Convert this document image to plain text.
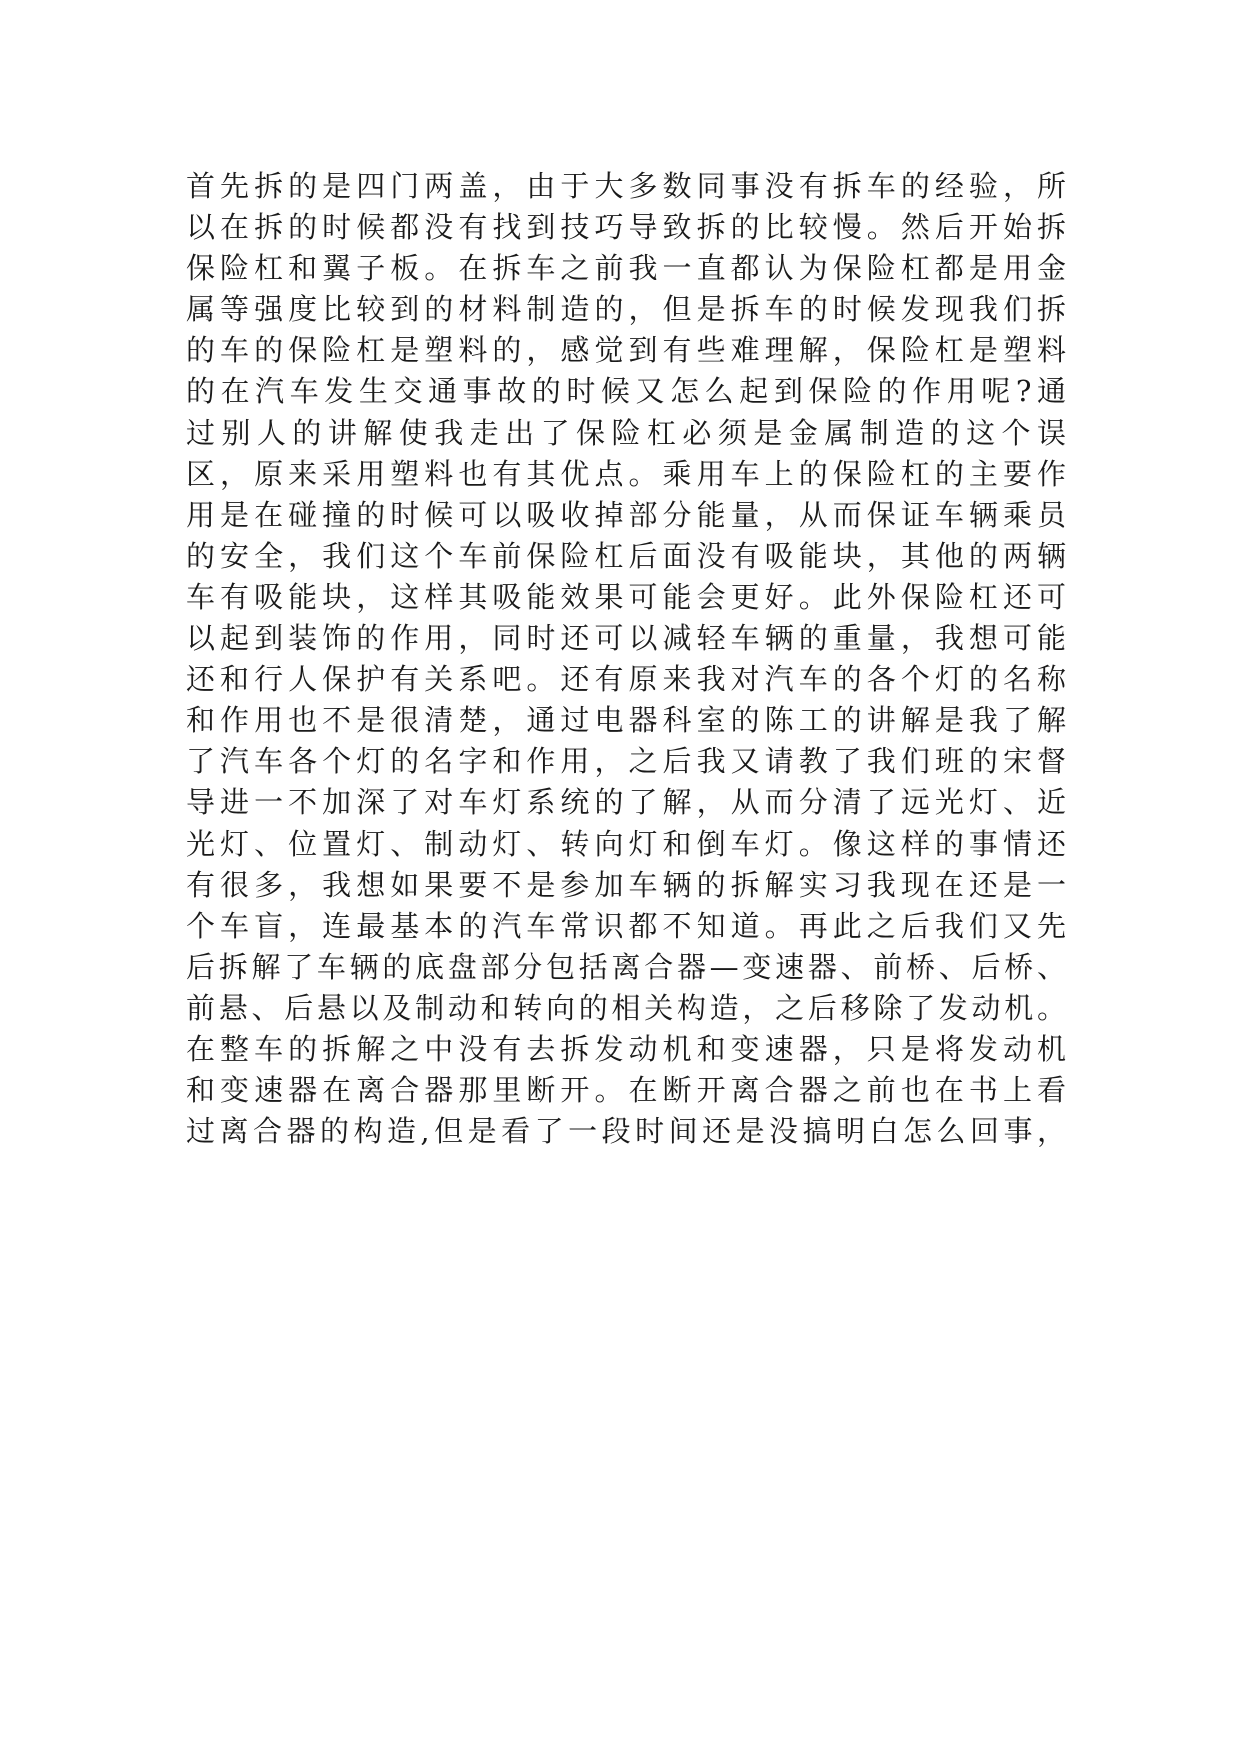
首先拆的是四门两盖，由于大多数同事没有拆车的经验，所
以在拆的时候都没有找到技巧导致拆的比较慢。然后开始拆
保险杠和翼子板。在拆车之前我一直都认为保险杠都是用金
属等强度比较到的材料制造的，但是拆车的时候发现我们拆
的车的保险杠是塑料的，感觉到有些难理解，保险杠是塑料
的在汽车发生交通事故的时候又怎么起到保险的作用呢?通
过别人的讲解使我走出了保险杠必须是金属制造的这个误
区，原来采用塑料也有其优点。乘用车上的保险杠的主要作
用是在碰撞的时候可以吸收掉部分能量，从而保证车辆乘员
的安全，我们这个车前保险杠后面没有吸能块，其他的两辆
车有吸能块，这样其吸能效果可能会更好。此外保险杠还可
以起到装饰的作用，同时还可以减轻车辆的重量，我想可能
还和行人保护有关系吧。还有原来我对汽车的各个灯的名称
和作用也不是很清楚，通过电器科室的陈工的讲解是我了解
了汽车各个灯的名字和作用，之后我又请教了我们班的宋督
导进一不加深了对车灯系统的了解，从而分清了远光灯、近
光灯、位置灯、制动灯、转向灯和倒车灯。像这样的事情还
有很多，我想如果要不是参加车辆的拆解实习我现在还是一
个车盲，连最基本的汽车常识都不知道。再此之后我们又先
后拆解了车辆的底盘部分包括离合器—变速器、前桥、后桥、
前悬、后悬以及制动和转向的相关构造，之后移除了发动机。
在整车的拆解之中没有去拆发动机和变速器，只是将发动机
和变速器在离合器那里断开。在断开离合器之前也在书上看
过离合器的构造,但是看了一段时间还是没搞明白怎么回事，
